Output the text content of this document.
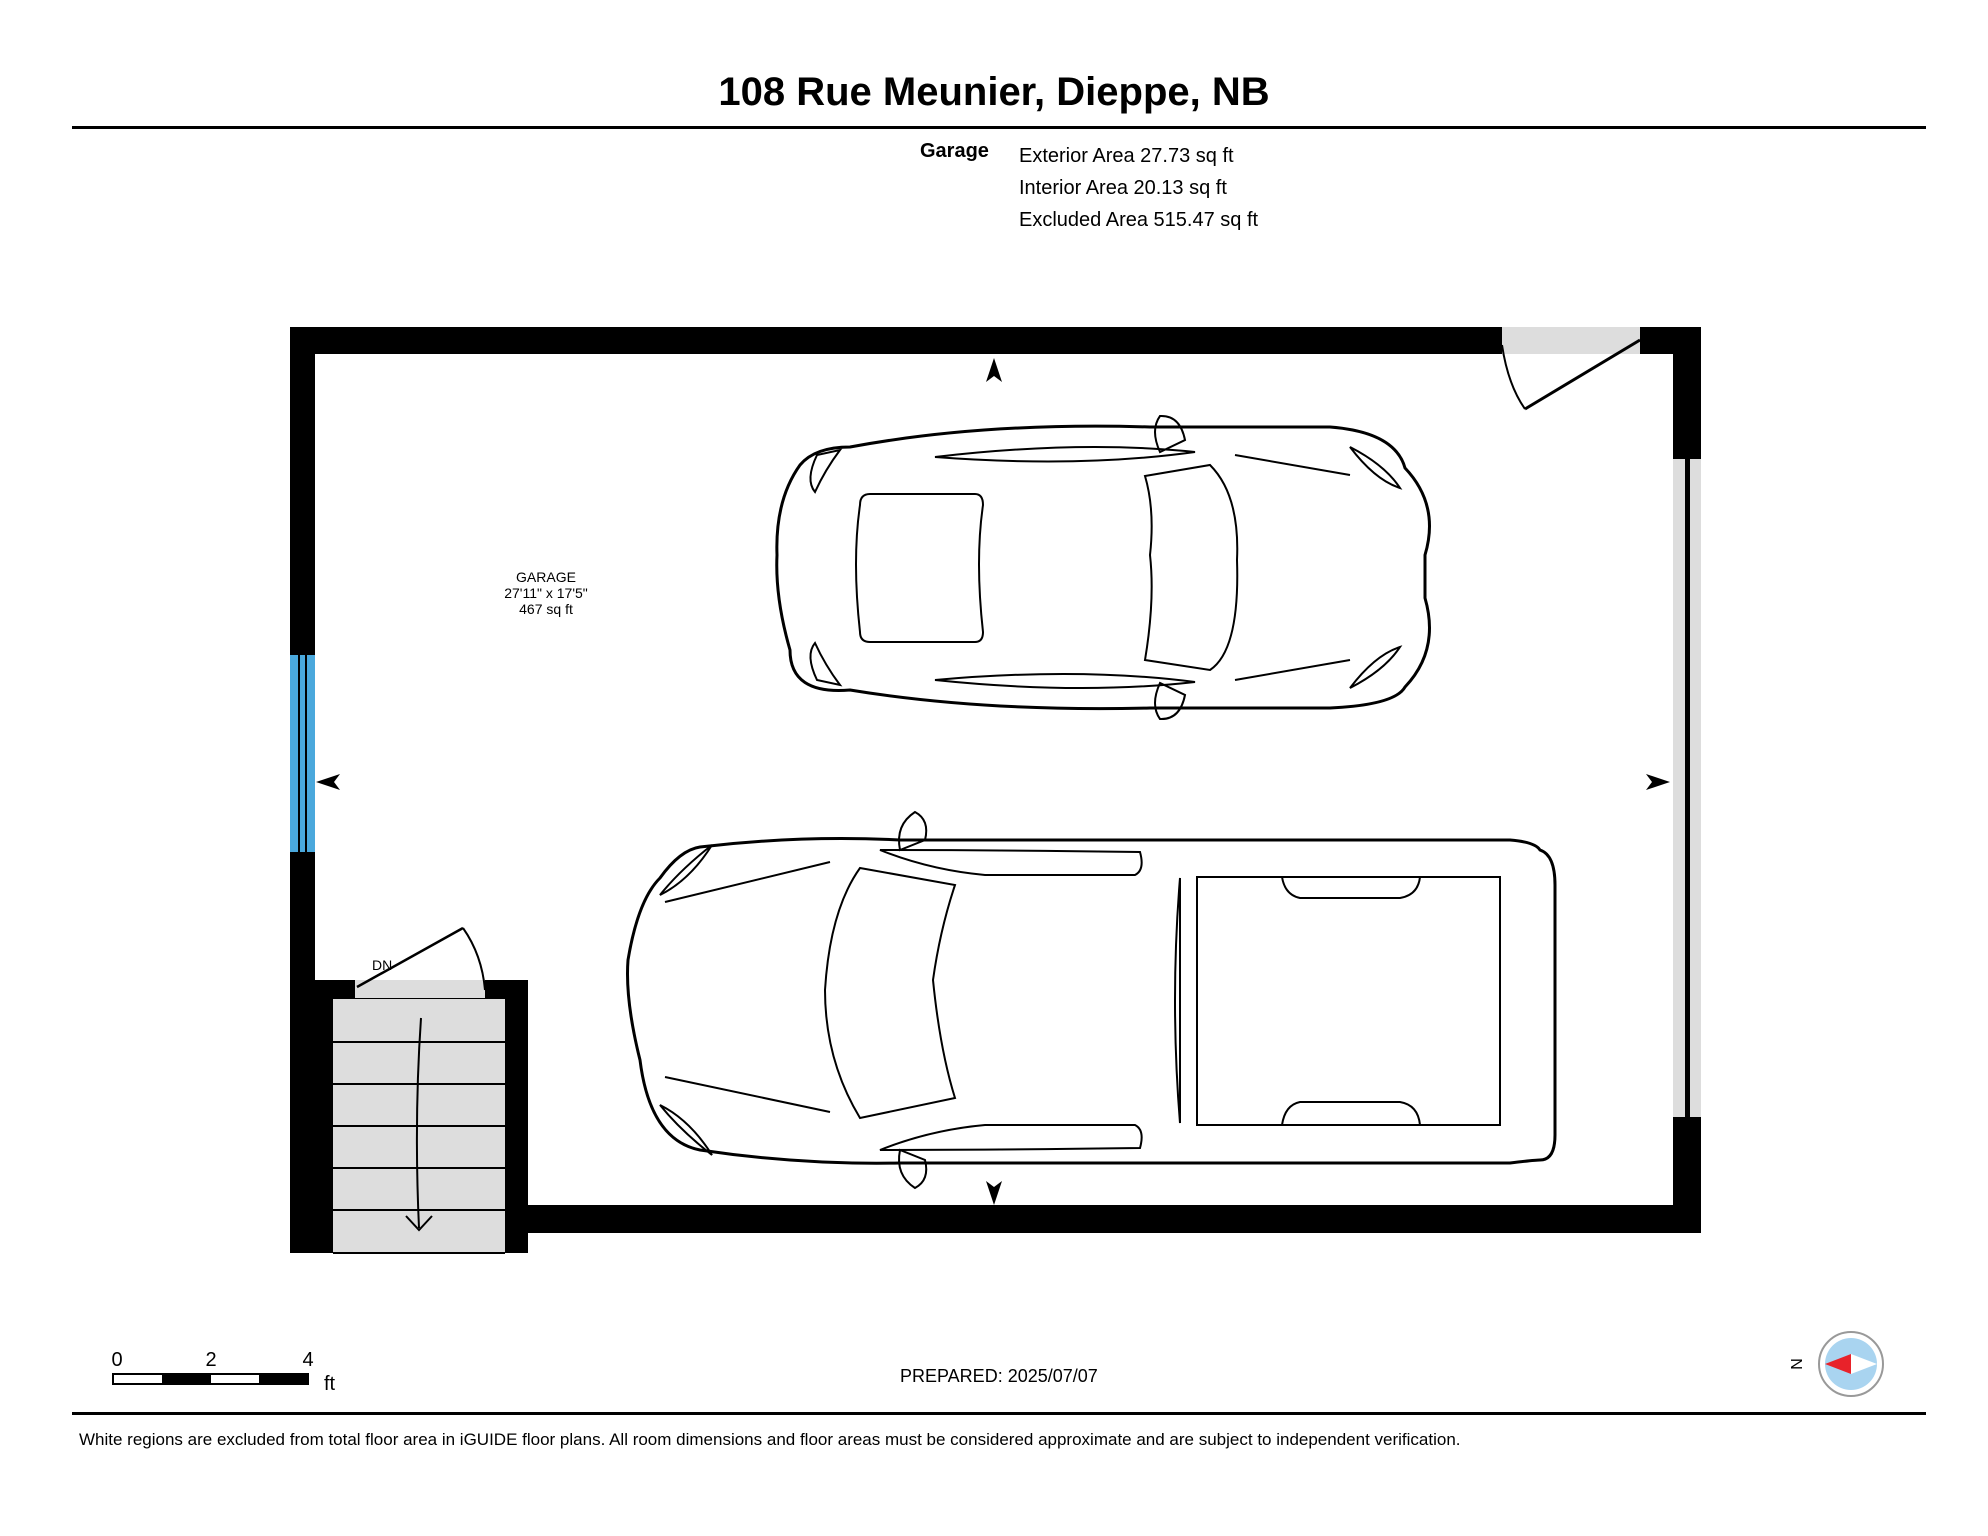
108 Rue Meunier, Dieppe, NB
Garage Exterior Area 27.73 sq ft
Interior Area 20.13 sq ft
Excluded Area 515.47 sq ft
GARAGE
27'11" x 17'5"
467 sq ft
DN
0	2	4
ft
N
PREPARED: 2025/07/07
White regions are excluded from total floor area in iGUIDE floor plans. All room dimensions and floor areas must be considered approximate and are subject to independent verification.
